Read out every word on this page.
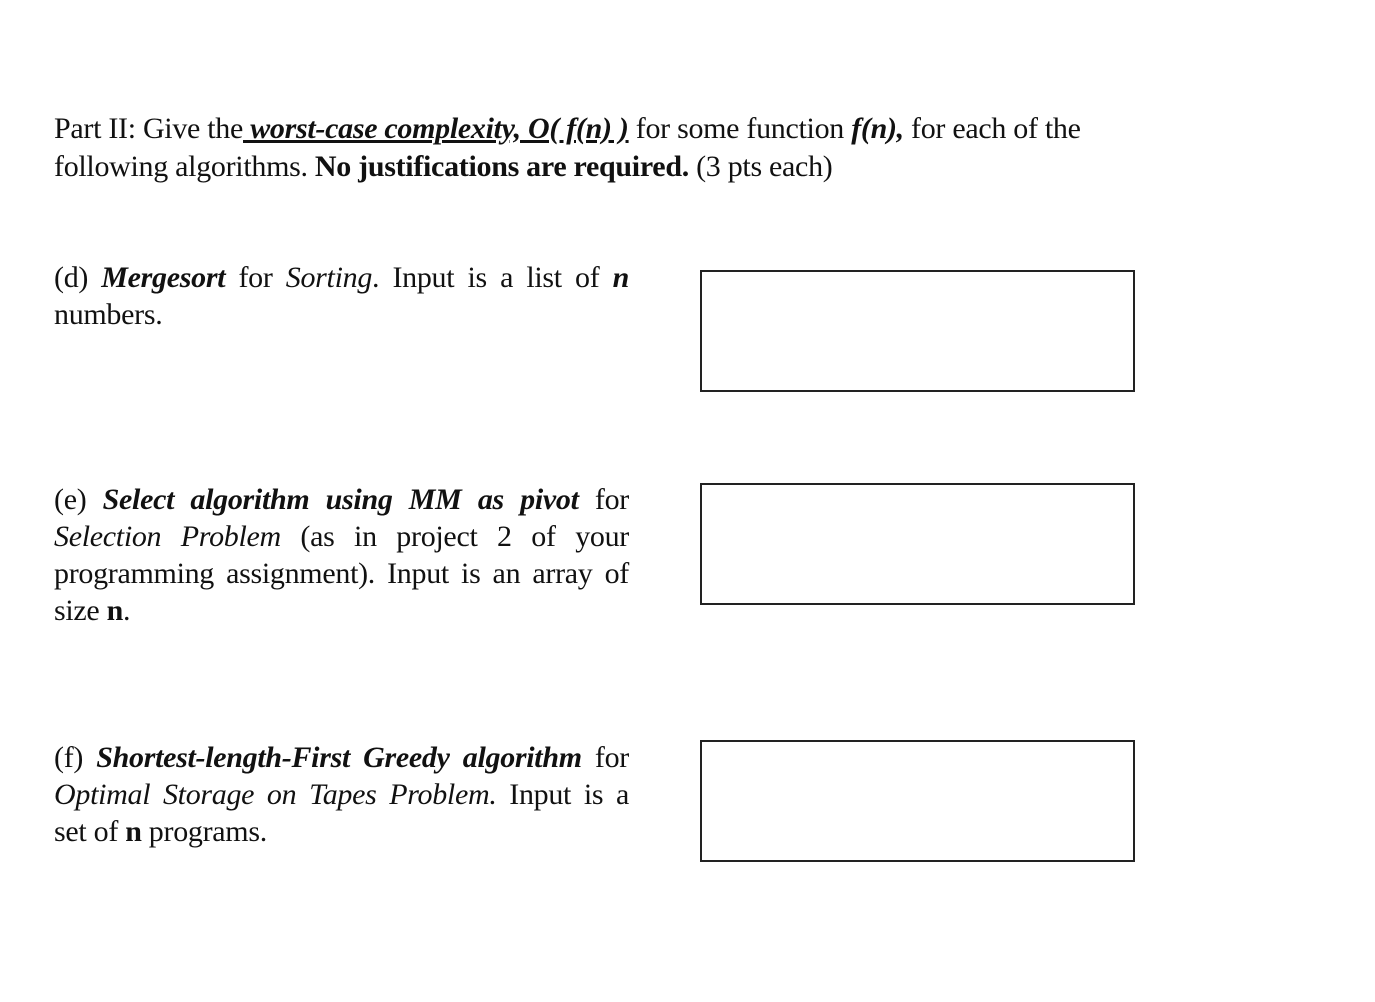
Part II: Give the worst-case complexity, O( f(n) ) for some function f(n), for each of the
following algorithms. No justifications are required. (3 pts each)
(d) Mergesort for Sorting. Input is a list of n numbers.
(e) Select algorithm using MM as pivot for Selection Problem (as in project 2 of your programming assignment). Input is an array of size n.
(f) Shortest-length-First Greedy algorithm for Optimal Storage on Tapes Problem. Input is a set of n programs.
